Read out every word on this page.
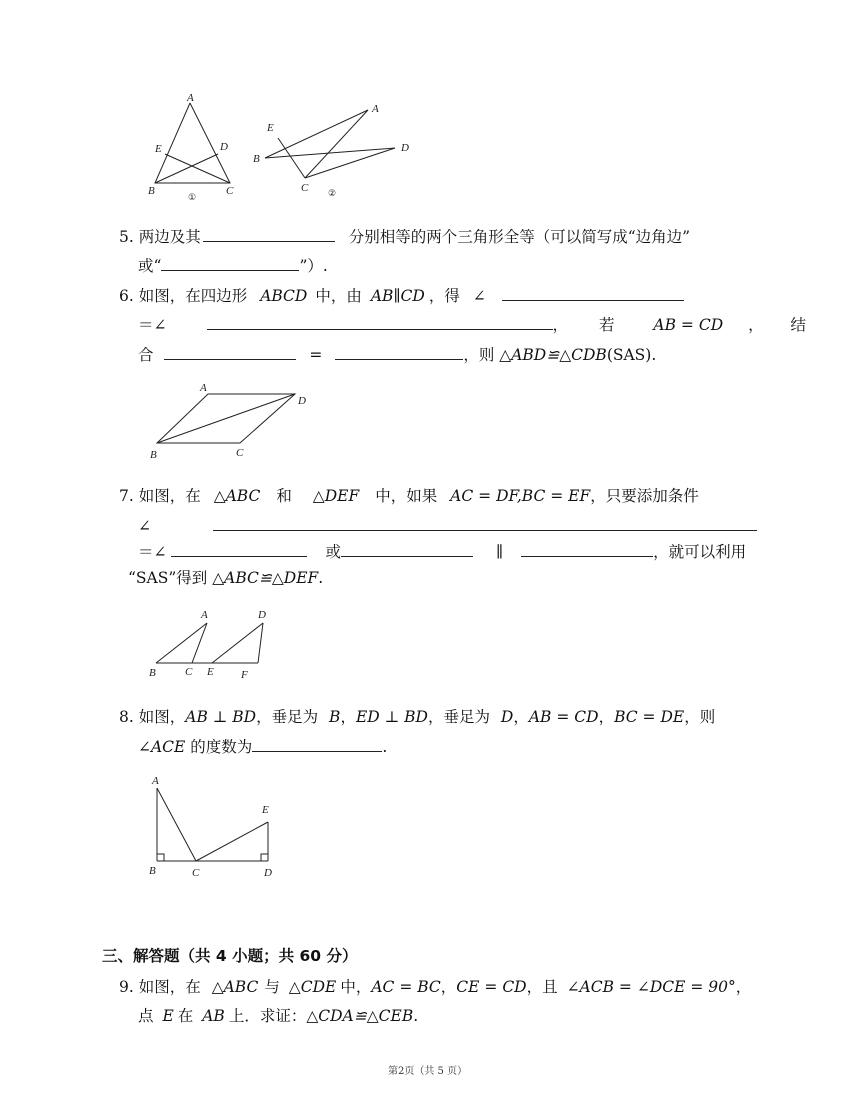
A
E	D
B	C
①
A
E
D
B
C ②
5. 两边及其	分别相等的两个三角形全等（可以简写成“边角边”
或“	”）.
6. 如图，在四边形 ABCD 中，由 AB∥CD ，得 ∠
＝∠	， 若	AB = CD ， 结
合	=	，则 △ABD≌△CDB(SAS).
A
D
B	C
7. 如图，在 △ABC 和 △DEF 中，如果 AC = DF,BC = EF，只要添加条件
∠
＝∠	或	∥	，就可以利用
“SAS”得到 △ABC≌△DEF.
A	D
B	C E F
8. 如图，AB ⊥ BD，垂足为 B，ED ⊥ BD，垂足为 D，AB = CD，BC = DE，则
∠ACE 的度数为	.
A
E
B	C	D
三、解答题（共 4 小题；共 60 分）
9. 如图，在 △ABC 与 △CDE 中，AC = BC，CE = CD，且 ∠ACB = ∠DCE = 90°，
点 E 在 AB 上．求证：△CDA≌△CEB.
第2页（共 5 页）
